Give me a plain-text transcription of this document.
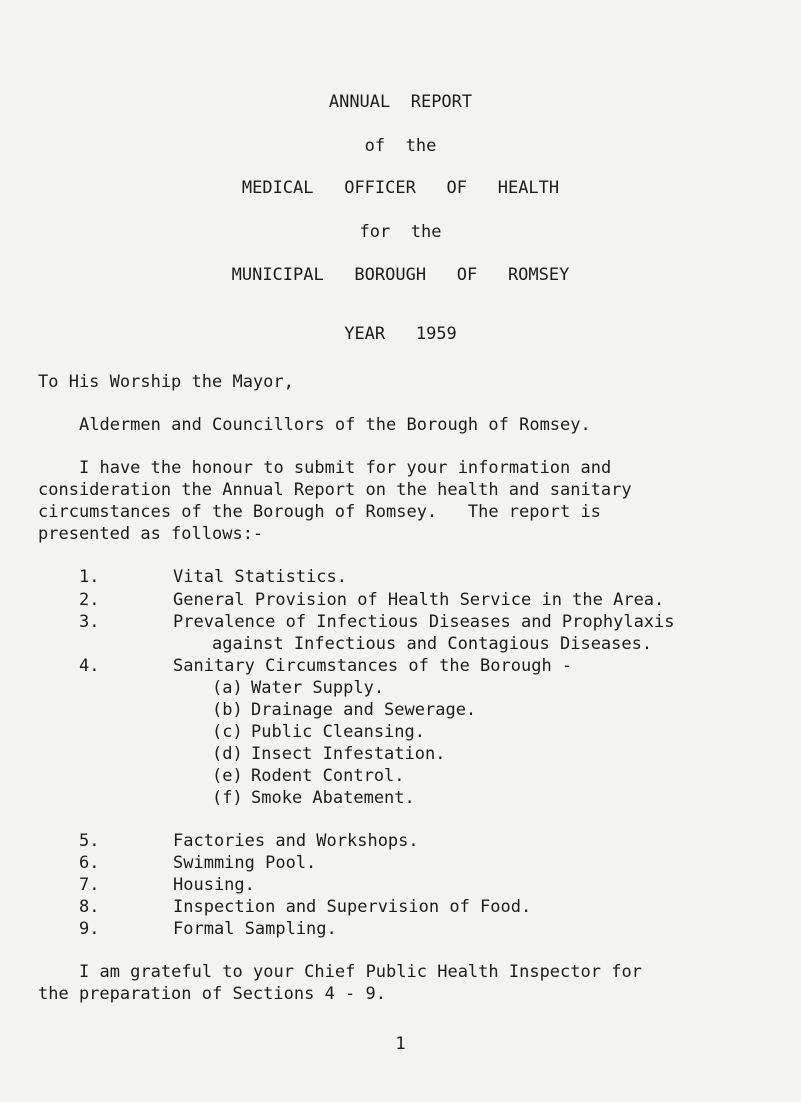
ANNUAL  REPORT
of  the
MEDICAL   OFFICER   OF   HEALTH
for  the
MUNICIPAL   BOROUGH   OF   ROMSEY
YEAR   1959
To His Worship the Mayor,
Aldermen and Councillors of the Borough of Romsey.
I have the honour to submit for your information and
consideration the Annual Report on the health and sanitary
circumstances of the Borough of Romsey.   The report is
presented as follows:-
1.	Vital Statistics.
2.	General Provision of Health Service in the Area.
3.	Prevalence of Infectious Diseases and Prophylaxis
against Infectious and Contagious Diseases.
4.	Sanitary Circumstances of the Borough -
(a) Water Supply.
(b) Drainage and Sewerage.
(c) Public Cleansing.
(d) Insect Infestation.
(e) Rodent Control.
(f) Smoke Abatement.
5.	Factories and Workshops.
6.	Swimming Pool.
7.	Housing.
8.	Inspection and Supervision of Food.
9.	Formal Sampling.
I am grateful to your Chief Public Health Inspector for
the preparation of Sections 4 - 9.
1
